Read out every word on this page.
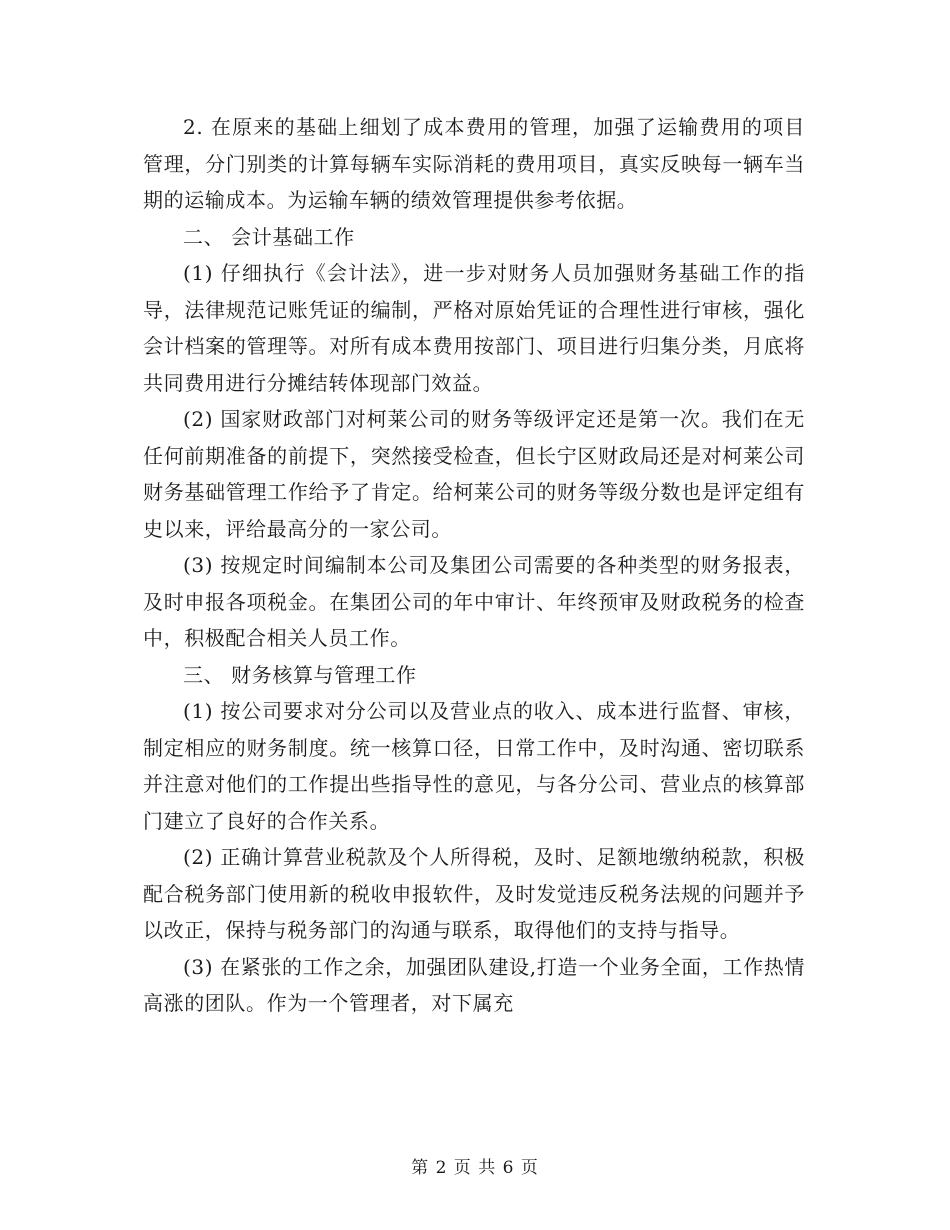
2. 在原来的基础上细划了成本费用的管理，加强了运输费用的项目管理，分门别类的计算每辆车实际消耗的费用项目，真实反映每一辆车当期的运输成本。为运输车辆的绩效管理提供参考依据。

二、 会计基础工作

(1) 仔细执行《会计法》，进一步对财务人员加强财务基础工作的指导，法律规范记账凭证的编制，严格对原始凭证的合理性进行审核，强化会计档案的管理等。对所有成本费用按部门、项目进行归集分类，月底将共同费用进行分摊结转体现部门效益。

(2) 国家财政部门对柯莱公司的财务等级评定还是第一次。我们在无任何前期准备的前提下，突然接受检查，但长宁区财政局还是对柯莱公司财务基础管理工作给予了肯定。给柯莱公司的财务等级分数也是评定组有史以来，评给最高分的一家公司。

(3) 按规定时间编制本公司及集团公司需要的各种类型的财务报表，及时申报各项税金。在集团公司的年中审计、年终预审及财政税务的检查中，积极配合相关人员工作。

三、 财务核算与管理工作

(1) 按公司要求对分公司以及营业点的收入、成本进行监督、审核，制定相应的财务制度。统一核算口径，日常工作中，及时沟通、密切联系并注意对他们的工作提出些指导性的意见，与各分公司、营业点的核算部门建立了良好的合作关系。

(2) 正确计算营业税款及个人所得税，及时、足额地缴纳税款，积极配合税务部门使用新的税收申报软件，及时发觉违反税务法规的问题并予以改正，保持与税务部门的沟通与联系，取得他们的支持与指导。

(3) 在紧张的工作之余，加强团队建设,打造一个业务全面，工作热情高涨的团队。作为一个管理者，对下属充

第 2 页 共 6 页
